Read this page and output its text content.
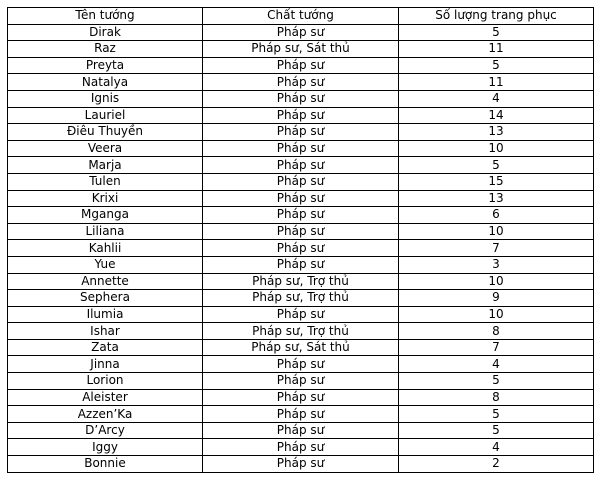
Tên tướng	Chất tướng	Số lượng trang phục
Dirak	Pháp sư	5
Raz	Pháp sư, Sát thủ	11
Preyta	Pháp sư	5
Natalya	Pháp sư	11
Ignis	Pháp sư	4
Lauriel	Pháp sư	14
Điêu Thuyền	Pháp sư	13
Veera	Pháp sư	10
Marja	Pháp sư	5
Tulen	Pháp sư	15
Krixi	Pháp sư	13
Mganga	Pháp sư	6
Liliana	Pháp sư	10
Kahlii	Pháp sư	7
Yue	Pháp sư	3
Annette	Pháp sư, Trợ thủ	10
Sephera	Pháp sư, Trợ thủ	9
Ilumia	Pháp sư	10
Ishar	Pháp sư, Trợ thủ	8
Zata	Pháp sư, Sát thủ	7
Jinna	Pháp sư	4
Lorion	Pháp sư	5
Aleister	Pháp sư	8
Azzen’Ka	Pháp sư	5
D’Arcy	Pháp sư	5
Iggy	Pháp sư	4
Bonnie	Pháp sư	2
